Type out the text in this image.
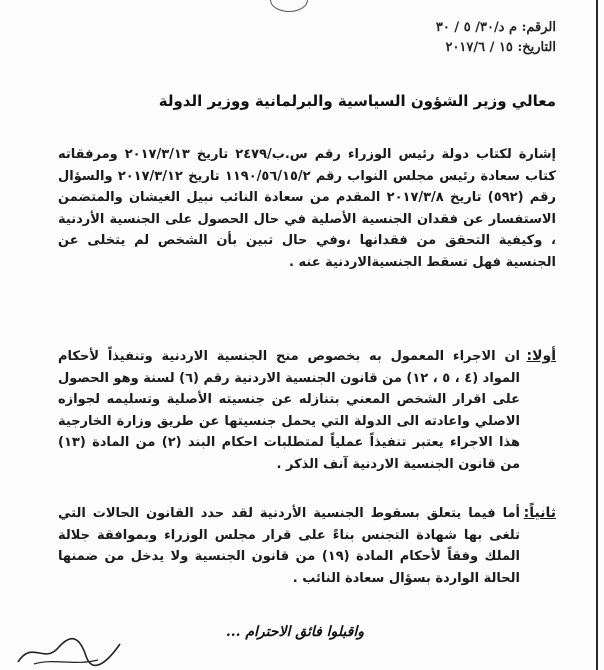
الرقم: م د/٣٠/ ٥ / ٣٠
التاريخ: ١٥ / ٢٠١٧/٦
معالي وزير الشؤون السياسية والبرلمانية ووزير الدولة
إشارة لكتاب دولة رئيس الوزراء رقم س.ب/٢٤٧٩ تاريخ ٢٠١٧/٣/١٣ ومرفقاته كتاب سعادة رئيس مجلس النواب رقم ١١٩٠/٥٦/١٥/٢ تاريخ ٢٠١٧/٣/١٢ والسؤال رقم (٥٩٢) تاريخ ٢٠١٧/٣/٨ المقدم من سعادة النائب نبيل الغيشان والمتضمن الاستفسار عن فقدان الجنسية الأصلية في حال الحصول على الجنسية الأردنية ، وكيفية التحقق من فقدانها ،وفي حال تبين بأن الشخص لم يتخلى عن الجنسية فهل تسقط الجنسيةالاردنية عنه .
أولا:
ان الاجراء المعمول به بخصوص منح الجنسية الاردنية وتنفيذاً لأحكام المواد (٤ ، ٥ ، ١٢) من قانون الجنسية الاردنية رقم (٦) لسنة وهو الحصول على اقرار الشخص المعني بتنازله عن جنسيته الأصلية وتسليمه لجوازه الاصلي واعادته الى الدولة التي يحمل جنسيتها عن طريق وزارة الخارجية هذا الاجراء يعتبر تنفيذاً عملياً لمتطلبات احكام البند (٢) من المادة (١٣) من قانون الجنسية الاردنية آنف الذكر .
ثانياً:
أما فيما يتعلق بسقوط الجنسية الأردنية لقد حدد القانون الحالات التي تلغى بها شهادة التجنس بناءً على قرار مجلس الوزراء وبموافقة جلالة الملك وفقاً لأحكام المادة (١٩) من قانون الجنسية ولا يدخل من ضمنها الحالة الواردة بسؤال سعادة النائب .
واقبلوا فائق الاحترام ...
